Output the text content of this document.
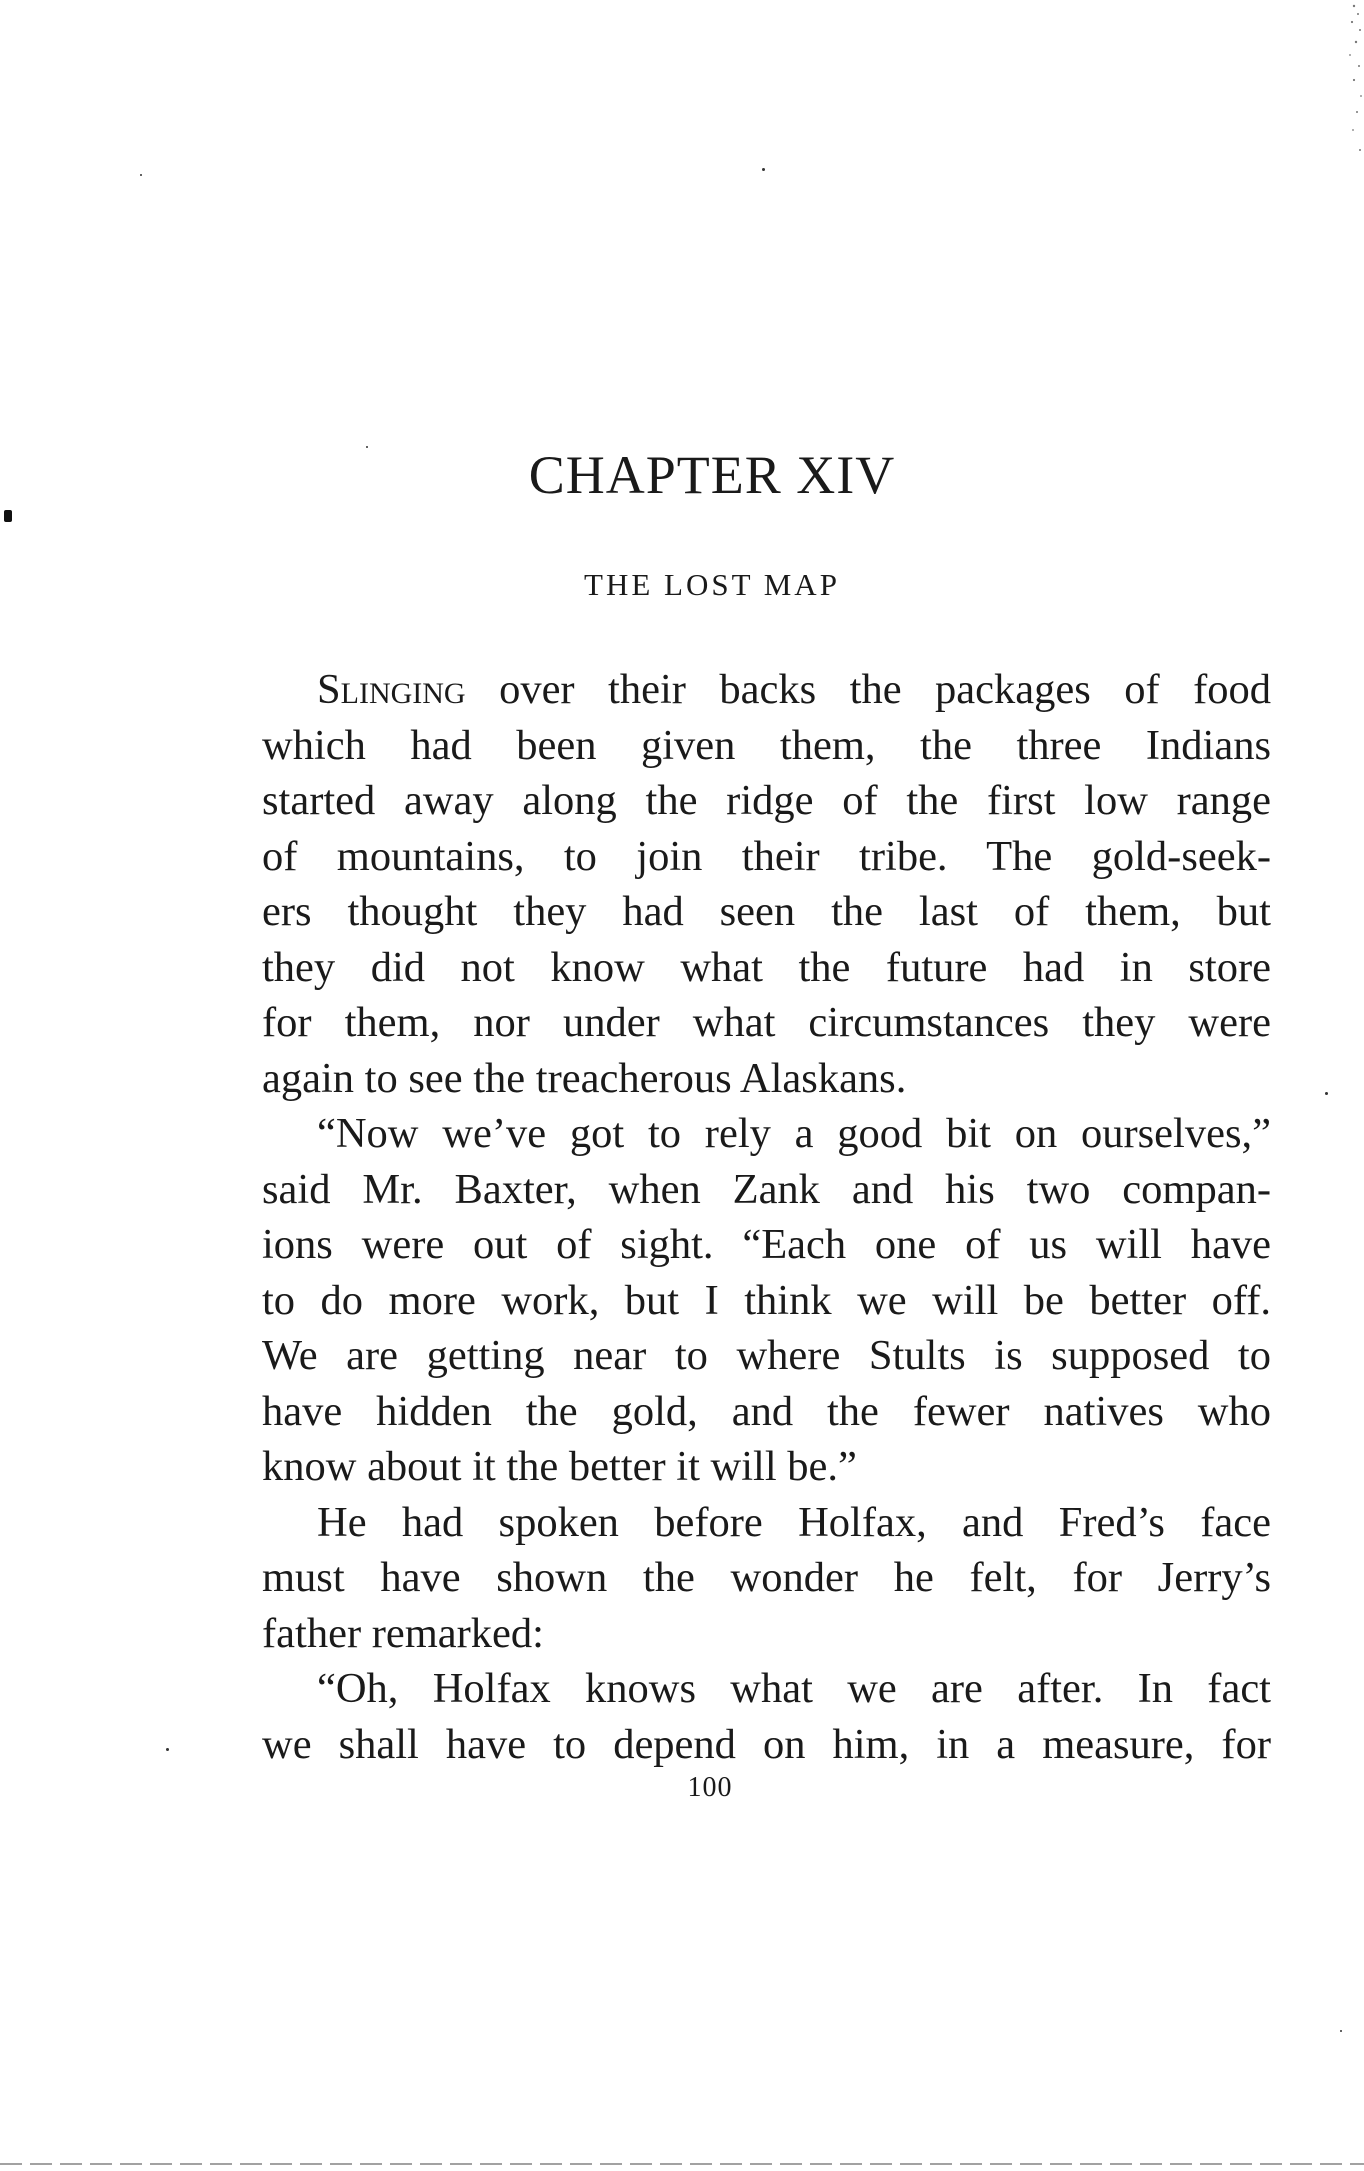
CHAPTER XIV
THE LOST MAP
Slinging over their backs the packages of food
which had been given them, the three Indians
started away along the ridge of the first low range
of mountains, to join their tribe. The gold-seek-
ers thought they had seen the last of them, but
they did not know what the future had in store
for them, nor under what circumstances they were
again to see the treacherous Alaskans.
“Now we’ve got to rely a good bit on ourselves,”
said Mr. Baxter, when Zank and his two compan-
ions were out of sight. “Each one of us will have
to do more work, but I think we will be better off.
We are getting near to where Stults is supposed to
have hidden the gold, and the fewer natives who
know about it the better it will be.”
He had spoken before Holfax, and Fred’s face
must have shown the wonder he felt, for Jerry’s
father remarked:
“Oh, Holfax knows what we are after. In fact
we shall have to depend on him, in a measure, for
100
